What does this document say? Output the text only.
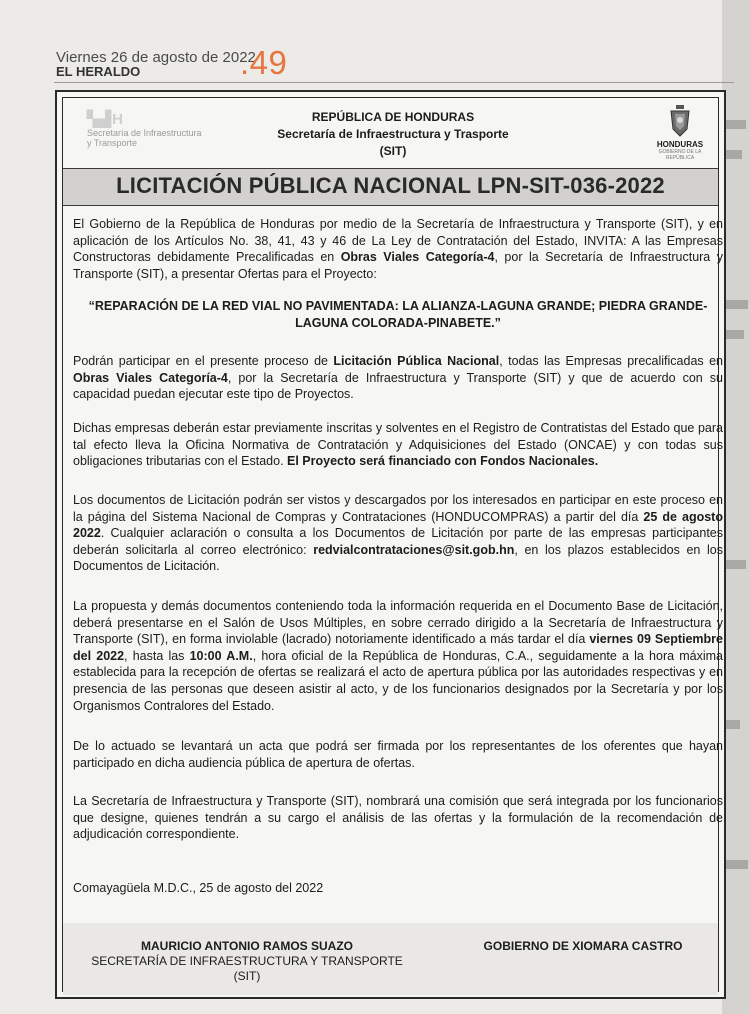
Viernes 26 de agosto de 2022
EL HERALDO	.49
▚▟H
Secretaría de Infraestructura
y Transporte
REPÚBLICA DE HONDURAS
Secretaría de Infraestructura y Trasporte
(SIT)	HONDURAS
GOBIERNO DE LA REPÚBLICA
LICITACIÓN PÚBLICA NACIONAL LPN-SIT-036-2022
El Gobierno de la República de Honduras por medio de la Secretaría de Infraestructura y Transporte (SIT), y en aplicación de los Artículos No. 38, 41, 43 y 46 de La Ley de Contratación del Estado, INVITA: A las Empresas Constructoras debidamente Precalificadas en Obras Viales Categoría-4, por la Secretaría de Infraestructura y Transporte (SIT), a presentar Ofertas para el Proyecto:
“REPARACIÓN DE LA RED VIAL NO PAVIMENTADA: LA ALIANZA-LAGUNA GRANDE; PIEDRA GRANDE-LAGUNA COLORADA-PINABETE.”
Podrán participar en el presente proceso de Licitación Pública Nacional, todas las Empresas precalificadas en Obras Viales Categoría-4, por la Secretaría de Infraestructura y Transporte (SIT) y que de acuerdo con su capacidad puedan ejecutar este tipo de Proyectos.
Dichas empresas deberán estar previamente inscritas y solventes en el Registro de Contratistas del Estado que para tal efecto lleva la Oficina Normativa de Contratación y Adquisiciones del Estado (ONCAE) y con todas sus obligaciones tributarias con el Estado. El Proyecto será financiado con Fondos Nacionales.
Los documentos de Licitación podrán ser vistos y descargados por los interesados en participar en este proceso en la página del Sistema Nacional de Compras y Contrataciones (HONDUCOMPRAS) a partir del día 25 de agosto 2022. Cualquier aclaración o consulta a los Documentos de Licitación por parte de las empresas participantes deberán solicitarla al correo electrónico: redvialcontrataciones@sit.gob.hn, en los plazos establecidos en los Documentos de Licitación.
La propuesta y demás documentos conteniendo toda la información requerida en el Documento Base de Licitación, deberá presentarse en el Salón de Usos Múltiples, en sobre cerrado dirigido a la Secretaría de Infraestructura y Transporte (SIT), en forma inviolable (lacrado) notoriamente identificado a más tardar el día viernes 09 Septiembre del 2022, hasta las 10:00 A.M., hora oficial de la República de Honduras, C.A., seguidamente a la hora máxima establecida para la recepción de ofertas se realizará el acto de apertura pública por las autoridades respectivas y en presencia de las personas que deseen asistir al acto, y de los funcionarios designados por la Secretaría y por los Organismos Contralores del Estado.
De lo actuado se levantará un acta que podrá ser firmada por los representantes de los oferentes que hayan participado en dicha audiencia pública de apertura de ofertas.
La Secretaría de Infraestructura y Transporte (SIT), nombrará una comisión que será integrada por los funcionarios que designe, quienes tendrán a su cargo el análisis de las ofertas y la formulación de la recomendación de adjudicación correspondiente.
Comayagüela M.D.C., 25 de agosto del 2022
MAURICIO ANTONIO RAMOS SUAZO
SECRETARÍA DE INFRAESTRUCTURA Y TRANSPORTE
(SIT)
GOBIERNO DE XIOMARA CASTRO
